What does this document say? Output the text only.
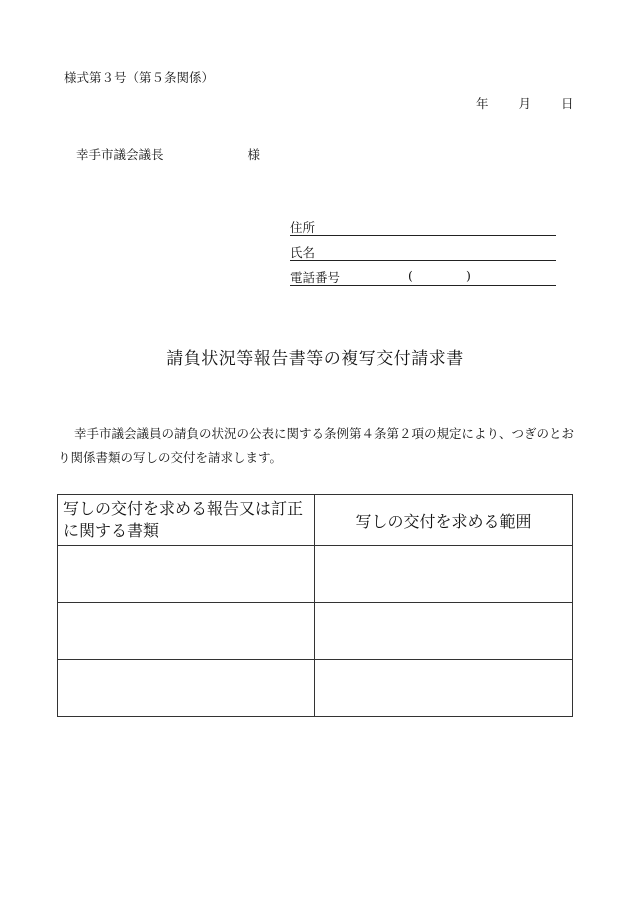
様式第３号（第５条関係）
年 月 日
幸手市議会議長	様
住所
氏名
電話番号	(	)
請負状況等報告書等の複写交付請求書

幸手市議会議員の請負の状況の公表に関する条例第４条第２項の規定により、つぎのとおり関係書類の写しの交付を請求します。

写しの交付を求める報告又は訂正に関する書類	写しの交付を求める範囲
